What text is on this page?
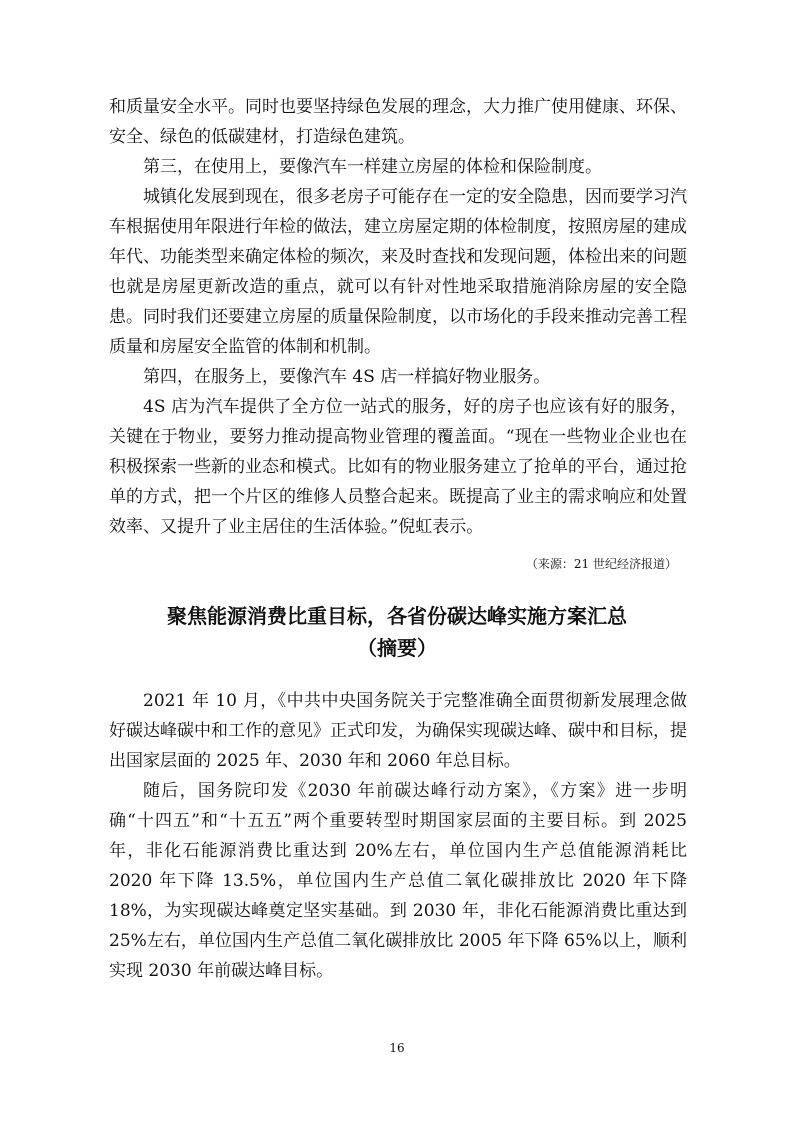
和质量安全水平。同时也要坚持绿色发展的理念，大力推广使用健康、环保、安全、绿色的低碳建材，打造绿色建筑。

第三，在使用上，要像汽车一样建立房屋的体检和保险制度。

城镇化发展到现在，很多老房子可能存在一定的安全隐患，因而要学习汽车根据使用年限进行年检的做法，建立房屋定期的体检制度，按照房屋的建成年代、功能类型来确定体检的频次，来及时查找和发现问题，体检出来的问题也就是房屋更新改造的重点，就可以有针对性地采取措施消除房屋的安全隐患。同时我们还要建立房屋的质量保险制度，以市场化的手段来推动完善工程质量和房屋安全监管的体制和机制。

第四，在服务上，要像汽车 4S 店一样搞好物业服务。

4S 店为汽车提供了全方位一站式的服务，好的房子也应该有好的服务，关键在于物业，要努力推动提高物业管理的覆盖面。“现在一些物业企业也在积极探索一些新的业态和模式。比如有的物业服务建立了抢单的平台，通过抢单的方式，把一个片区的维修人员整合起来。既提高了业主的需求响应和处置效率、又提升了业主居住的生活体验。”倪虹表示。

（来源：21 世纪经济报道）
聚焦能源消费比重目标，各省份碳达峰实施方案汇总
（摘要）

2021 年 10 月，《中共中央国务院关于完整准确全面贯彻新发展理念做好碳达峰碳中和工作的意见》正式印发，为确保实现碳达峰、碳中和目标，提出国家层面的 2025 年、2030 年和 2060 年总目标。

随后，国务院印发《2030 年前碳达峰行动方案》，《方案》进一步明确“十四五”和“十五五”两个重要转型时期国家层面的主要目标。到 2025 年，非化石能源消费比重达到 20%左右，单位国内生产总值能源消耗比 2020 年下降 13.5%，单位国内生产总值二氧化碳排放比 2020 年下降 18%，为实现碳达峰奠定坚实基础。到 2030 年，非化石能源消费比重达到 25%左右，单位国内生产总值二氧化碳排放比 2005 年下降 65%以上，顺利实现 2030 年前碳达峰目标。

16
